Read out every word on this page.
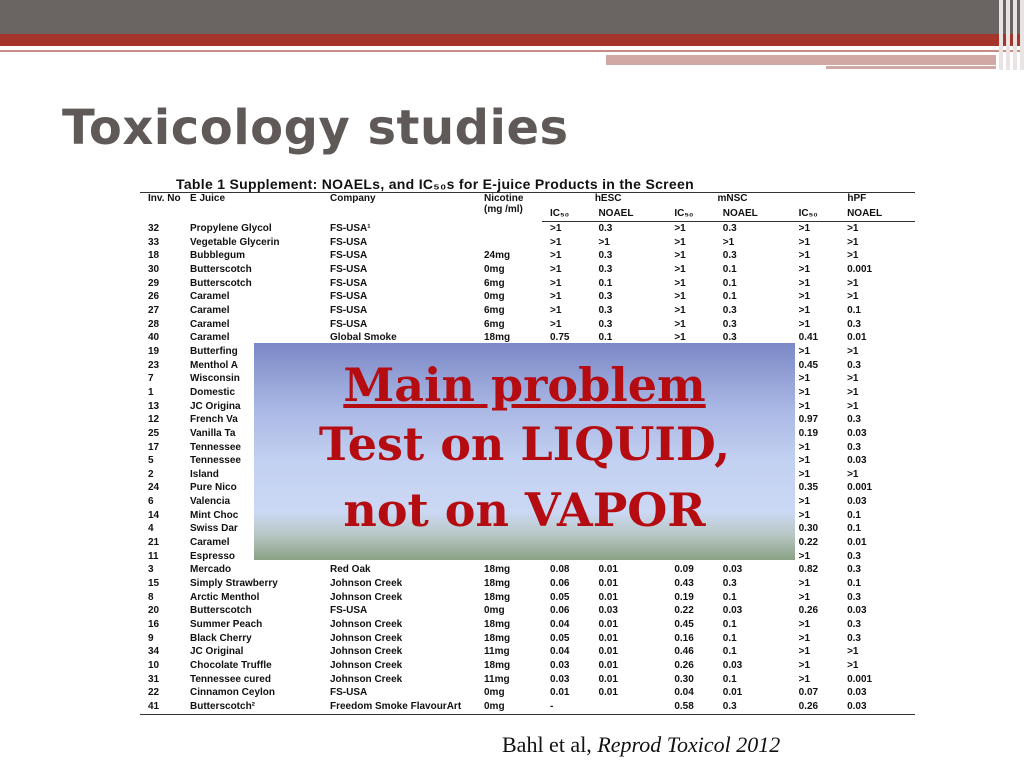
Toxicology studies
Table 1 Supplement: NOAELs, and IC₅₀s for E-juice Products in the Screen
Inv. No	E Juice	Company	Nicotine (mg /ml)	hESC		mNSC		hPF	
				IC₅₀	NOAEL	IC₅₀	NOAEL	IC₅₀	NOAEL
32	Propylene Glycol	FS-USA¹		>1	0.3	>1	0.3	>1	>1
33	Vegetable Glycerin	FS-USA		>1	>1	>1	>1	>1	>1
18	Bubblegum	FS-USA	24mg	>1	0.3	>1	0.3	>1	>1
30	Butterscotch	FS-USA	0mg	>1	0.3	>1	0.1	>1	0.001
29	Butterscotch	FS-USA	6mg	>1	0.1	>1	0.1	>1	>1
26	Caramel	FS-USA	0mg	>1	0.3	>1	0.1	>1	>1
27	Caramel	FS-USA	6mg	>1	0.3	>1	0.3	>1	0.1
28	Caramel	FS-USA	6mg	>1	0.3	>1	0.3	>1	0.3
40	Caramel	Global Smoke	18mg	0.75	0.1	>1	0.3	0.41	0.01
19	Butterfing							>1	>1
23	Menthol A							0.45	0.3
7	Wisconsin							>1	>1
1	Domestic							>1	>1
13	JC Origina							>1	>1
12	French Va							0.97	0.3
25	Vanilla Ta							0.19	0.03
17	Tennessee							>1	0.3
5	Tennessee							>1	0.03
2	Island							>1	>1
24	Pure Nico							0.35	0.001
6	Valencia							>1	0.03
14	Mint Choc							>1	0.1
4	Swiss Dar							0.30	0.1
21	Caramel							0.22	0.01
11	Espresso							>1	0.3
3	Mercado	Red Oak	18mg	0.08	0.01	0.09	0.03	0.82	0.3
15	Simply Strawberry	Johnson Creek	18mg	0.06	0.01	0.43	0.3	>1	0.1
8	Arctic Menthol	Johnson Creek	18mg	0.05	0.01	0.19	0.1	>1	0.3
20	Butterscotch	FS-USA	0mg	0.06	0.03	0.22	0.03	0.26	0.03
16	Summer Peach	Johnson Creek	18mg	0.04	0.01	0.45	0.1	>1	0.3
9	Black Cherry	Johnson Creek	18mg	0.05	0.01	0.16	0.1	>1	0.3
34	JC Original	Johnson Creek	11mg	0.04	0.01	0.46	0.1	>1	>1
10	Chocolate Truffle	Johnson Creek	18mg	0.03	0.01	0.26	0.03	>1	>1
31	Tennessee cured	Johnson Creek	11mg	0.03	0.01	0.30	0.1	>1	0.001
22	Cinnamon Ceylon	FS-USA	0mg	0.01	0.01	0.04	0.01	0.07	0.03
41	Butterscotch²	Freedom Smoke FlavourArt	0mg	-		0.58	0.3	0.26	0.03
Main problem
Test on LIQUID,
not on VAPOR
Bahl et al, Reprod Toxicol 2012
